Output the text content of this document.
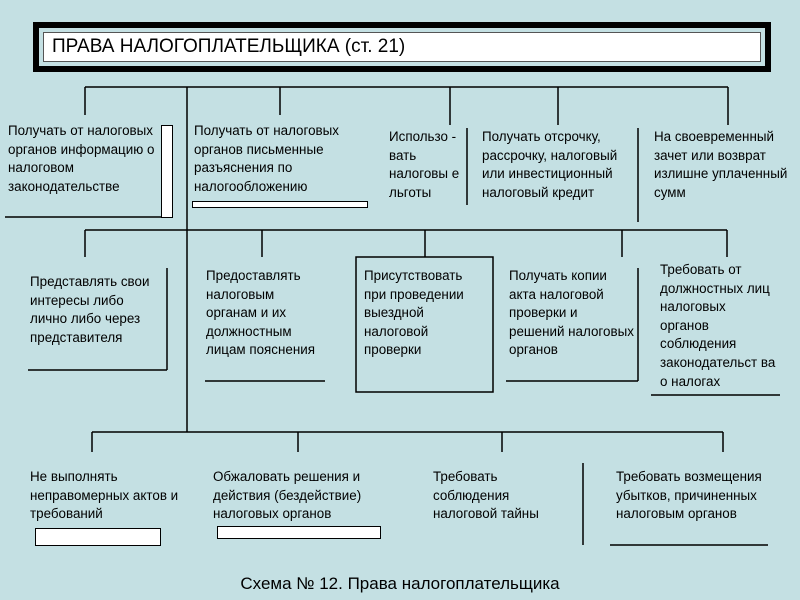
ПРАВА НАЛОГОПЛАТЕЛЬЩИКА (ст. 21)
Получать от налоговых органов информацию о налоговом законодательстве
Получать от налоговых органов письменные разъяснения по налогообложению
Использо - вать налоговы е льготы
Получать отсрочку, рассрочку, налоговый или инвестиционный налоговый кредит
На своевременный зачет или возврат излишне уплаченный сумм
Представлять свои интересы либо лично либо через представителя
Предоставлять налоговым органам и их должностным лицам пояснения
Присутствовать при проведении выездной налоговой проверки
Получать копии акта налоговой проверки и решений налоговых органов
Требовать от должностных лиц налоговых органов соблюдения законодательст ва о налогах
Не выполнять неправомерных актов и требований
Обжаловать решения и действия (бездействие) налоговых органов
Требовать соблюдения налоговой тайны
Требовать возмещения убытков, причиненных налоговым органов
Схема № 12. Права налогоплательщика
